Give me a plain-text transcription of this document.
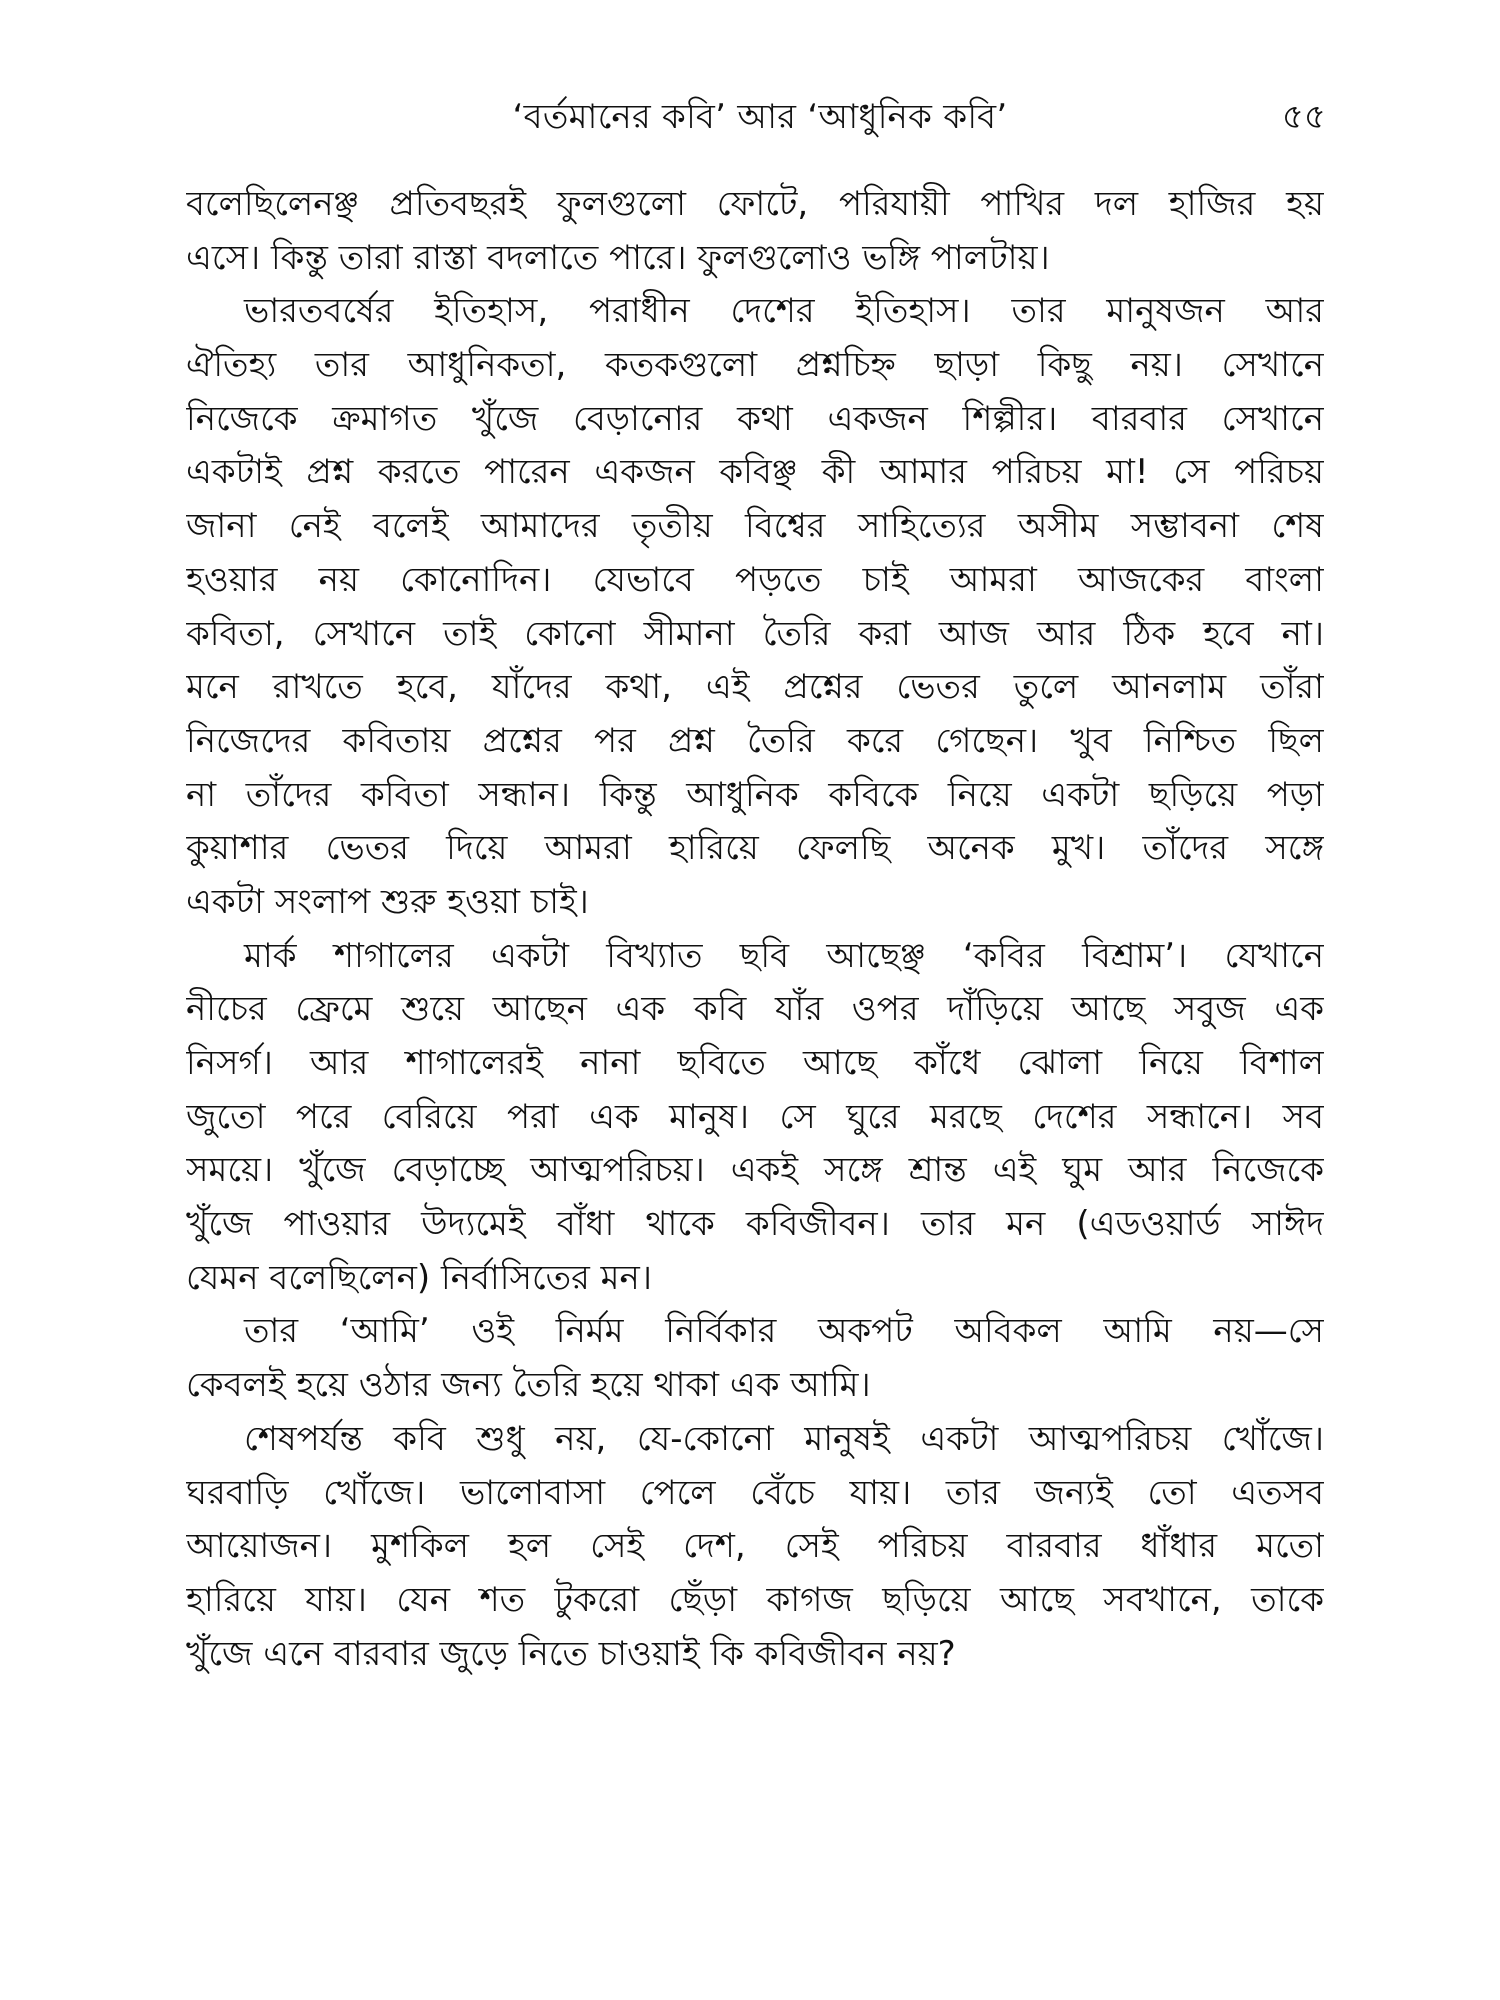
‘বর্তমানের কবি’ আর ‘আধুনিক কবি’	৫৫
বলেছিলেনঞ্ছ প্রতিবছরই ফুলগুলো ফোটে, পরিযায়ী পাখির দল হাজির হয়
এসে। কিন্তু তারা রাস্তা বদলাতে পারে। ফুলগুলোও ভঙ্গি পালটায়।
ভারতবর্ষের ইতিহাস, পরাধীন দেশের ইতিহাস। তার মানুষজন আর
ঐতিহ্য তার আধুনিকতা, কতকগুলো প্রশ্নচিহ্ন ছাড়া কিছু নয়। সেখানে
নিজেকে ক্রমাগত খুঁজে বেড়ানোর কথা একজন শিল্পীর। বারবার সেখানে
একটাই প্রশ্ন করতে পারেন একজন কবিঞ্ছ কী আমার পরিচয় মা! সে পরিচয়
জানা নেই বলেই আমাদের তৃতীয় বিশ্বের সাহিত্যের অসীম সম্ভাবনা শেষ
হওয়ার নয় কোনোদিন। যেভাবে পড়তে চাই আমরা আজকের বাংলা
কবিতা, সেখানে তাই কোনো সীমানা তৈরি করা আজ আর ঠিক হবে না।
মনে রাখতে হবে, যাঁদের কথা, এই প্রশ্নের ভেতর তুলে আনলাম তাঁরা
নিজেদের কবিতায় প্রশ্নের পর প্রশ্ন তৈরি করে গেছেন। খুব নিশ্চিত ছিল
না তাঁদের কবিতা সন্ধান। কিন্তু আধুনিক কবিকে নিয়ে একটা ছড়িয়ে পড়া
কুয়াশার ভেতর দিয়ে আমরা হারিয়ে ফেলছি অনেক মুখ। তাঁদের সঙ্গে
একটা সংলাপ শুরু হওয়া চাই।
মার্ক শাগালের একটা বিখ্যাত ছবি আছেঞ্ছ ‘কবির বিশ্রাম’। যেখানে
নীচের ফ্রেমে শুয়ে আছেন এক কবি যাঁর ওপর দাঁড়িয়ে আছে সবুজ এক
নিসর্গ। আর শাগালেরই নানা ছবিতে আছে কাঁধে ঝোলা নিয়ে বিশাল
জুতো পরে বেরিয়ে পরা এক মানুষ। সে ঘুরে মরছে দেশের সন্ধানে। সব
সময়ে। খুঁজে বেড়াচ্ছে আত্মপরিচয়। একই সঙ্গে শ্রান্ত এই ঘুম আর নিজেকে
খুঁজে পাওয়ার উদ্যমেই বাঁধা থাকে কবিজীবন। তার মন (এডওয়ার্ড সাঈদ
যেমন বলেছিলেন) নির্বাসিতের মন।
তার ‘আমি’ ওই নির্মম নির্বিকার অকপট অবিকল আমি নয়—সে
কেবলই হয়ে ওঠার জন্য তৈরি হয়ে থাকা এক আমি।
শেষপর্যন্ত কবি শুধু নয়, যে-কোনো মানুষই একটা আত্মপরিচয় খোঁজে।
ঘরবাড়ি খোঁজে। ভালোবাসা পেলে বেঁচে যায়। তার জন্যই তো এতসব
আয়োজন। মুশকিল হল সেই দেশ, সেই পরিচয় বারবার ধাঁধার মতো
হারিয়ে যায়। যেন শত টুকরো ছেঁড়া কাগজ ছড়িয়ে আছে সবখানে, তাকে
খুঁজে এনে বারবার জুড়ে নিতে চাওয়াই কি কবিজীবন নয়?
